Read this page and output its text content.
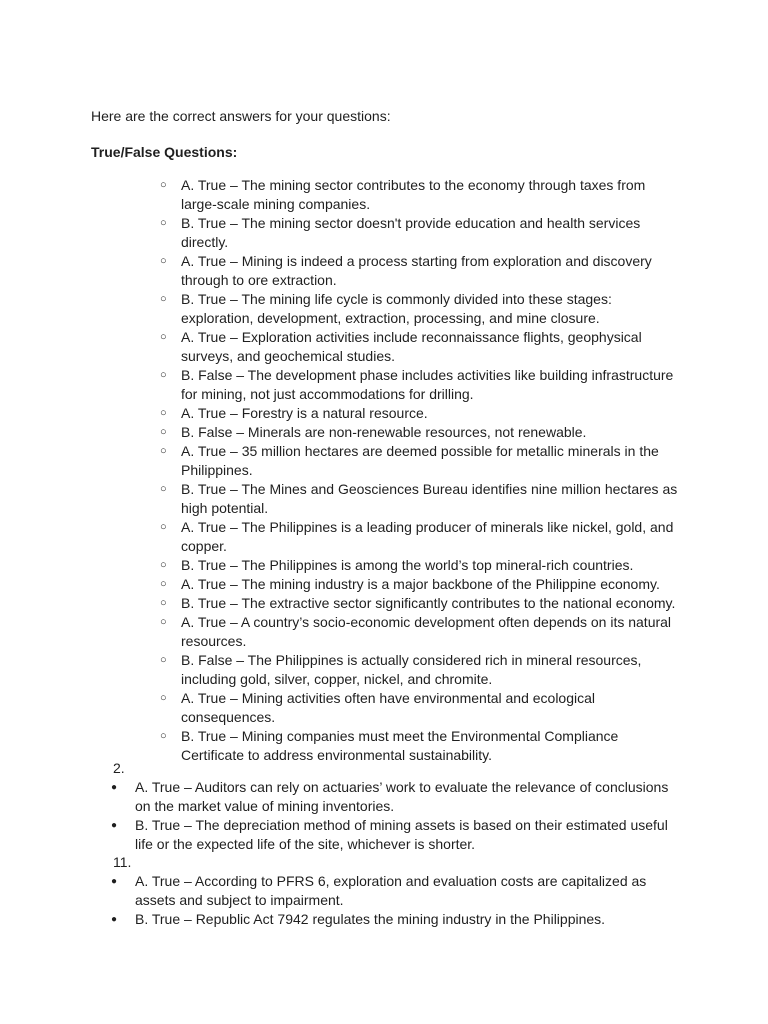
Here are the correct answers for your questions:

True/False Questions:

○ A. True – The mining sector contributes to the economy through taxes from large-scale mining companies.
○ B. True – The mining sector doesn't provide education and health services directly.
○ A. True – Mining is indeed a process starting from exploration and discovery through to ore extraction.
○ B. True – The mining life cycle is commonly divided into these stages: exploration, development, extraction, processing, and mine closure.
○ A. True – Exploration activities include reconnaissance flights, geophysical surveys, and geochemical studies.
○ B. False – The development phase includes activities like building infrastructure for mining, not just accommodations for drilling.
○ A. True – Forestry is a natural resource.
○ B. False – Minerals are non-renewable resources, not renewable.
○ A. True – 35 million hectares are deemed possible for metallic minerals in the Philippines.
○ B. True – The Mines and Geosciences Bureau identifies nine million hectares as high potential.
○ A. True – The Philippines is a leading producer of minerals like nickel, gold, and copper.
○ B. True – The Philippines is among the world’s top mineral-rich countries.
○ A. True – The mining industry is a major backbone of the Philippine economy.
○ B. True – The extractive sector significantly contributes to the national economy.
○ A. True – A country’s socio-economic development often depends on its natural resources.
○ B. False – The Philippines is actually considered rich in mineral resources, including gold, silver, copper, nickel, and chromite.
○ A. True – Mining activities often have environmental and ecological consequences.
○ B. True – Mining companies must meet the Environmental Compliance Certificate to address environmental sustainability.

2.

● A. True – Auditors can rely on actuaries’ work to evaluate the relevance of conclusions on the market value of mining inventories.
● B. True – The depreciation method of mining assets is based on their estimated useful life or the expected life of the site, whichever is shorter.

11.

● A. True – According to PFRS 6, exploration and evaluation costs are capitalized as assets and subject to impairment.
● B. True – Republic Act 7942 regulates the mining industry in the Philippines.
